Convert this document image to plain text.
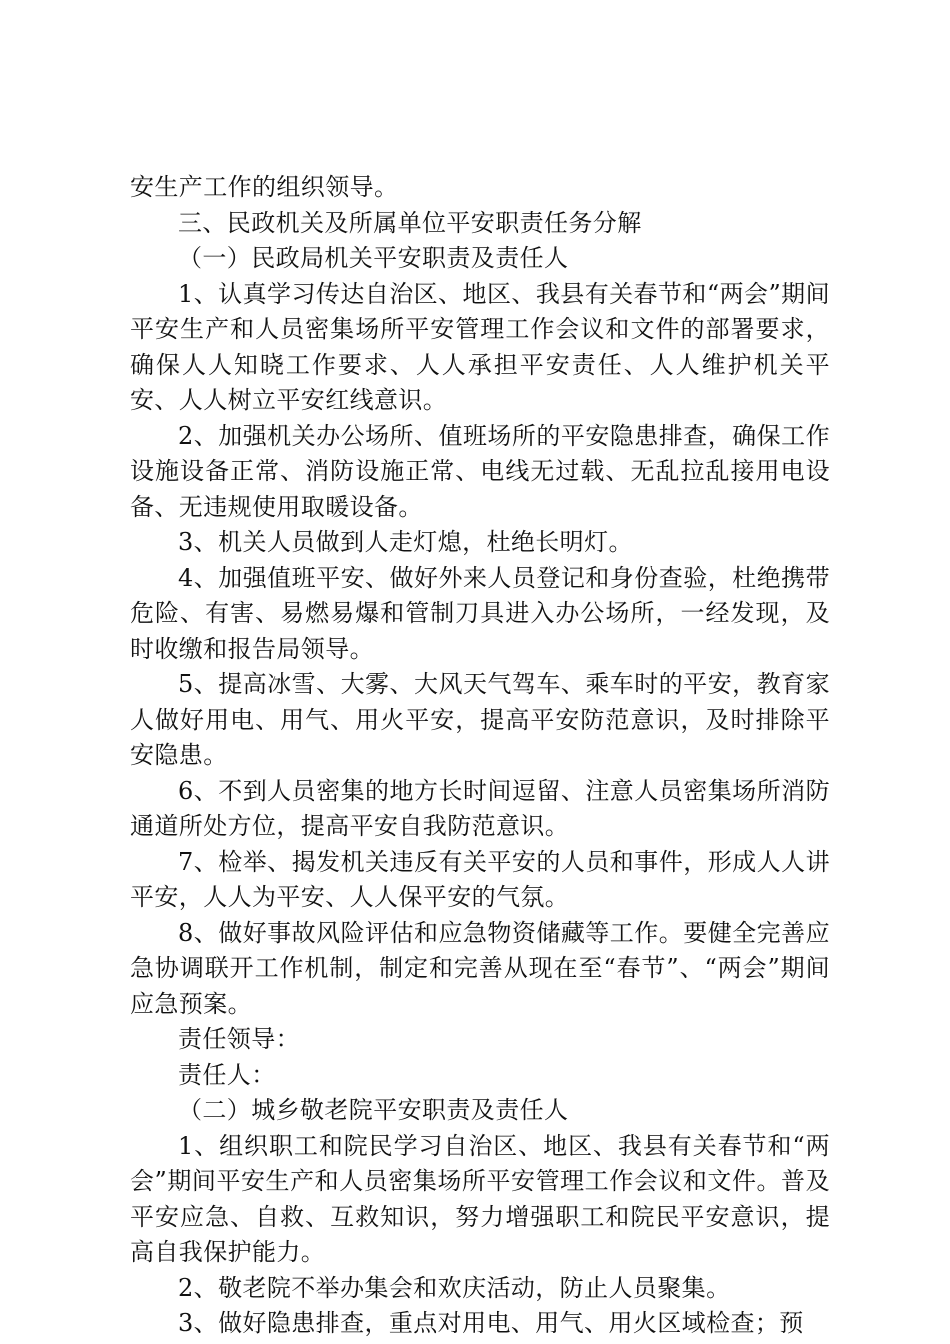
安生产工作的组织领导。

三、民政机关及所属单位平安职责任务分解

（一）民政局机关平安职责及责任人

1、认真学习传达自治区、地区、我县有关春节和“两会”期间平安生产和人员密集场所平安管理工作会议和文件的部署要求，确保人人知晓工作要求、人人承担平安责任、人人维护机关平安、人人树立平安红线意识。

2、加强机关办公场所、值班场所的平安隐患排查，确保工作设施设备正常、消防设施正常、电线无过载、无乱拉乱接用电设备、无违规使用取暖设备。

3、机关人员做到人走灯熄，杜绝长明灯。

4、加强值班平安、做好外来人员登记和身份查验，杜绝携带危险、有害、易燃易爆和管制刀具进入办公场所，一经发现，及时收缴和报告局领导。

5、提高冰雪、大雾、大风天气驾车、乘车时的平安，教育家人做好用电、用气、用火平安，提高平安防范意识，及时排除平安隐患。

6、不到人员密集的地方长时间逗留、注意人员密集场所消防通道所处方位，提高平安自我防范意识。

7、检举、揭发机关违反有关平安的人员和事件，形成人人讲平安，人人为平安、人人保平安的气氛。

8、做好事故风险评估和应急物资储藏等工作。要健全完善应急协调联开工作机制，制定和完善从现在至“春节”、“两会”期间应急预案。

责任领导：

责任人：

（二）城乡敬老院平安职责及责任人

1、组织职工和院民学习自治区、地区、我县有关春节和“两会”期间平安生产和人员密集场所平安管理工作会议和文件。普及平安应急、自救、互救知识，努力增强职工和院民平安意识，提高自我保护能力。

2、敬老院不举办集会和欢庆活动，防止人员聚集。

3、做好隐患排查，重点对用电、用气、用火区域检查；预
